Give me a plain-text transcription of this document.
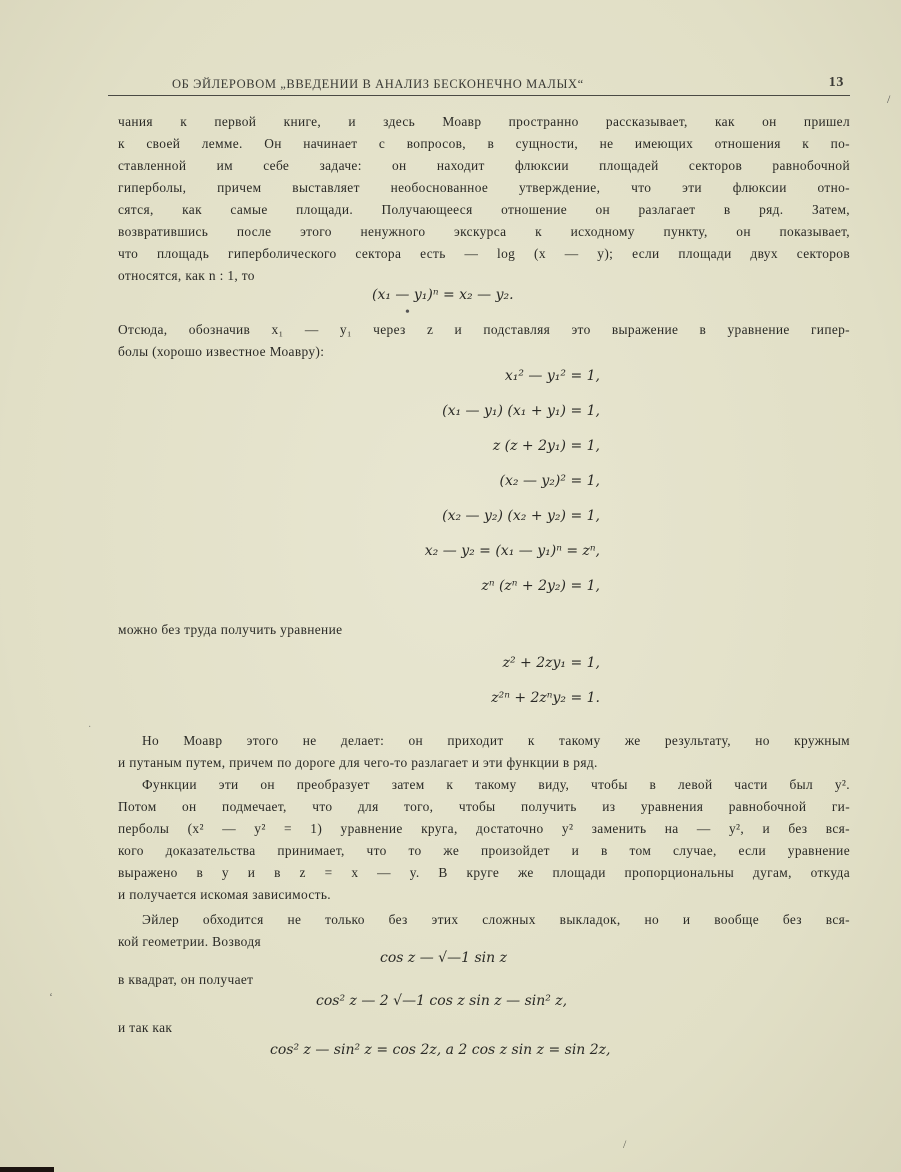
ОБ ЭЙЛЕРОВОМ „ВВЕДЕНИИ В АНАЛИЗ БЕСКОНЕЧНО МАЛЫХ“	13
чания к первой книге, и здесь Моавр пространно рассказывает, как он пришел
к своей лемме. Он начинает с вопросов, в сущности, не имеющих отношения к по-
ставленной им себе задаче: он находит флюксии площадей секторов равнобочной
гиперболы, причем выставляет необоснованное утверждение, что эти флюксии отно-
сятся, как самые площади. Получающееся отношение он разлагает в ряд. Затем,
возвратившись после этого ненужного экскурса к исходному пункту, он показывает,
что площадь гиперболического сектора есть — log (x — y); если площади двух секторов
относятся, как n : 1, то
(x₁ — y₁)ⁿ = x₂ — y₂.
•
Отсюда, обозначив x₁ — y₁ через z и подставляя это выражение в уравнение гипер-
болы (хорошо известное Моавру):
x₁² — y₁² = 1,
(x₁ — y₁) (x₁ + y₁) = 1,
z (z + 2y₁) = 1,
(x₂ — y₂)² = 1,
(x₂ — y₂) (x₂ + y₂) = 1,
x₂ — y₂ = (x₁ — y₁)ⁿ = zⁿ,
zⁿ (zⁿ + 2y₂) = 1,
можно без труда получить уравнение
z² + 2zy₁ = 1,
z²ⁿ + 2zⁿy₂ = 1.
Но Моавр этого не делает: он приходит к такому же результату, но кружным
и путаным путем, причем по дороге для чего-то разлагает и эти функции в ряд.
Функции эти он преобразует затем к такому виду, чтобы в левой части был y².
Потом он подмечает, что для того, чтобы получить из уравнения равнобочной ги-
перболы (x² — y² = 1) уравнение круга, достаточно y² заменить на — y², и без вся-
кого доказательства принимает, что то же произойдет и в том случае, если уравнение
выражено в y и в z = x — y. В круге же площади пропорциональны дугам, откуда
и получается искомая зависимость.
Эйлер обходится не только без этих сложных выкладок, но и вообще без вся-
кой геометрии. Возводя
cos z — √—1 sin z
в квадрат, он получает
cos² z — 2 √—1 cos z sin z — sin² z,
и так как
cos² z — sin² z = cos 2z, а 2 cos z sin z = sin 2z,
/
·
‘
/
